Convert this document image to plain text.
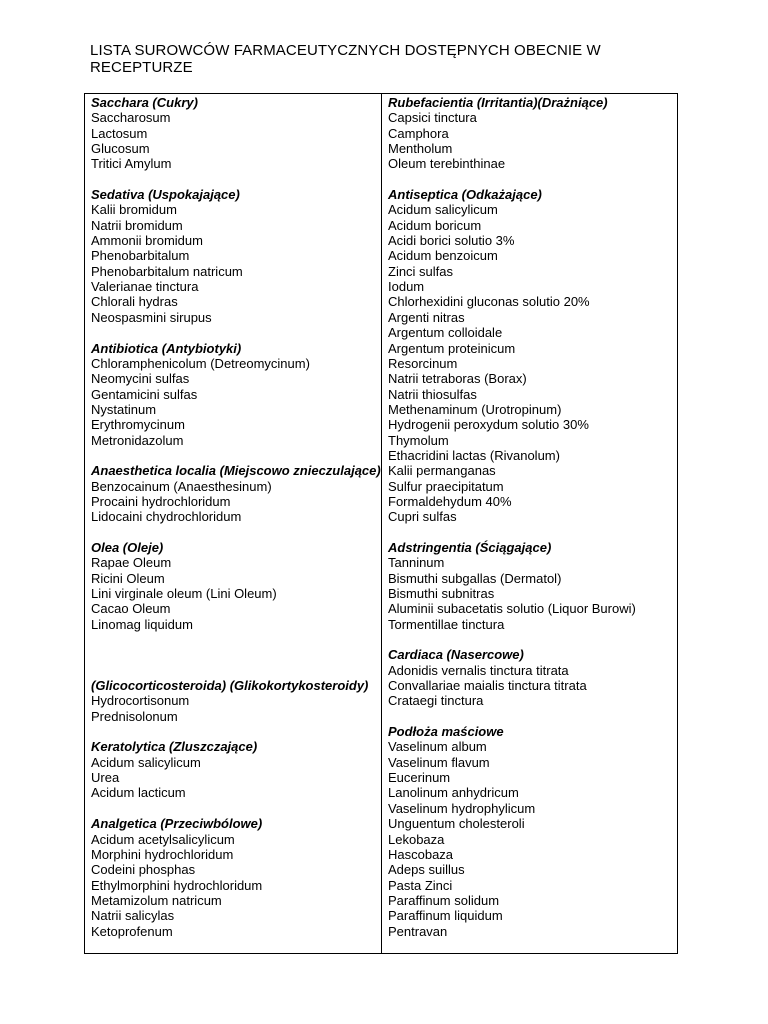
LISTA SUROWCÓW FARMACEUTYCZNYCH DOSTĘPNYCH OBECNIE W RECEPTURZE
Sacchara (Cukry)
Saccharosum
Lactosum
Glucosum
Tritici Amylum
Sedativa (Uspokajające)
Kalii bromidum
Natrii bromidum
Ammonii bromidum
Phenobarbitalum
Phenobarbitalum natricum
Valerianae tinctura
Chlorali hydras
Neospasmini sirupus
Antibiotica (Antybiotyki)
Chloramphenicolum (Detreomycinum)
Neomycini sulfas
Gentamicini sulfas
Nystatinum
Erythromycinum
Metronidazolum
Anaesthetica localia (Miejscowo znieczulające)
Benzocainum (Anaesthesinum)
Procaini hydrochloridum
Lidocaini chydrochloridum
Olea (Oleje)
Rapae Oleum
Ricini Oleum
Lini virginale oleum (Lini Oleum)
Cacao Oleum
Linomag liquidum
(Glicocorticosteroida) (Glikokortykosteroidy)
Hydrocortisonum
Prednisolonum
Keratolytica (Zluszczające)
Acidum salicylicum
Urea
Acidum lacticum
Analgetica (Przeciwbólowe)
Acidum acetylsalicylicum
Morphini hydrochloridum
Codeini phosphas
Ethylmorphini hydrochloridum
Metamizolum natricum
Natrii salicylas
Ketoprofenum
Rubefacientia (Irritantia)(Drażniące)
Capsici tinctura
Camphora
Mentholum
Oleum terebinthinae
Antiseptica (Odkażające)
Acidum salicylicum
Acidum boricum
Acidi borici solutio 3%
Acidum benzoicum
Zinci sulfas
Iodum
Chlorhexidini gluconas solutio 20%
Argenti nitras
Argentum colloidale
Argentum proteinicum
Resorcinum
Natrii tetraboras (Borax)
Natrii thiosulfas
Methenaminum (Urotropinum)
Hydrogenii peroxydum solutio 30%
Thymolum
Ethacridini lactas (Rivanolum)
Kalii permanganas
Sulfur praecipitatum
Formaldehydum 40%
Cupri sulfas
Adstringentia (Ściągające)
Tanninum
Bismuthi subgallas (Dermatol)
Bismuthi subnitras
Aluminii subacetatis solutio (Liquor Burowi)
Tormentillae tinctura
Cardiaca (Nasercowe)
Adonidis vernalis tinctura titrata
Convallariae maialis tinctura titrata
Crataegi tinctura
Podłoża maściowe
Vaselinum album
Vaselinum flavum
Eucerinum
Lanolinum anhydricum
Vaselinum hydrophylicum
Unguentum cholesteroli
Lekobaza
Hascobaza
Adeps suillus
Pasta Zinci
Paraffinum solidum
Paraffinum liquidum
Pentravan
